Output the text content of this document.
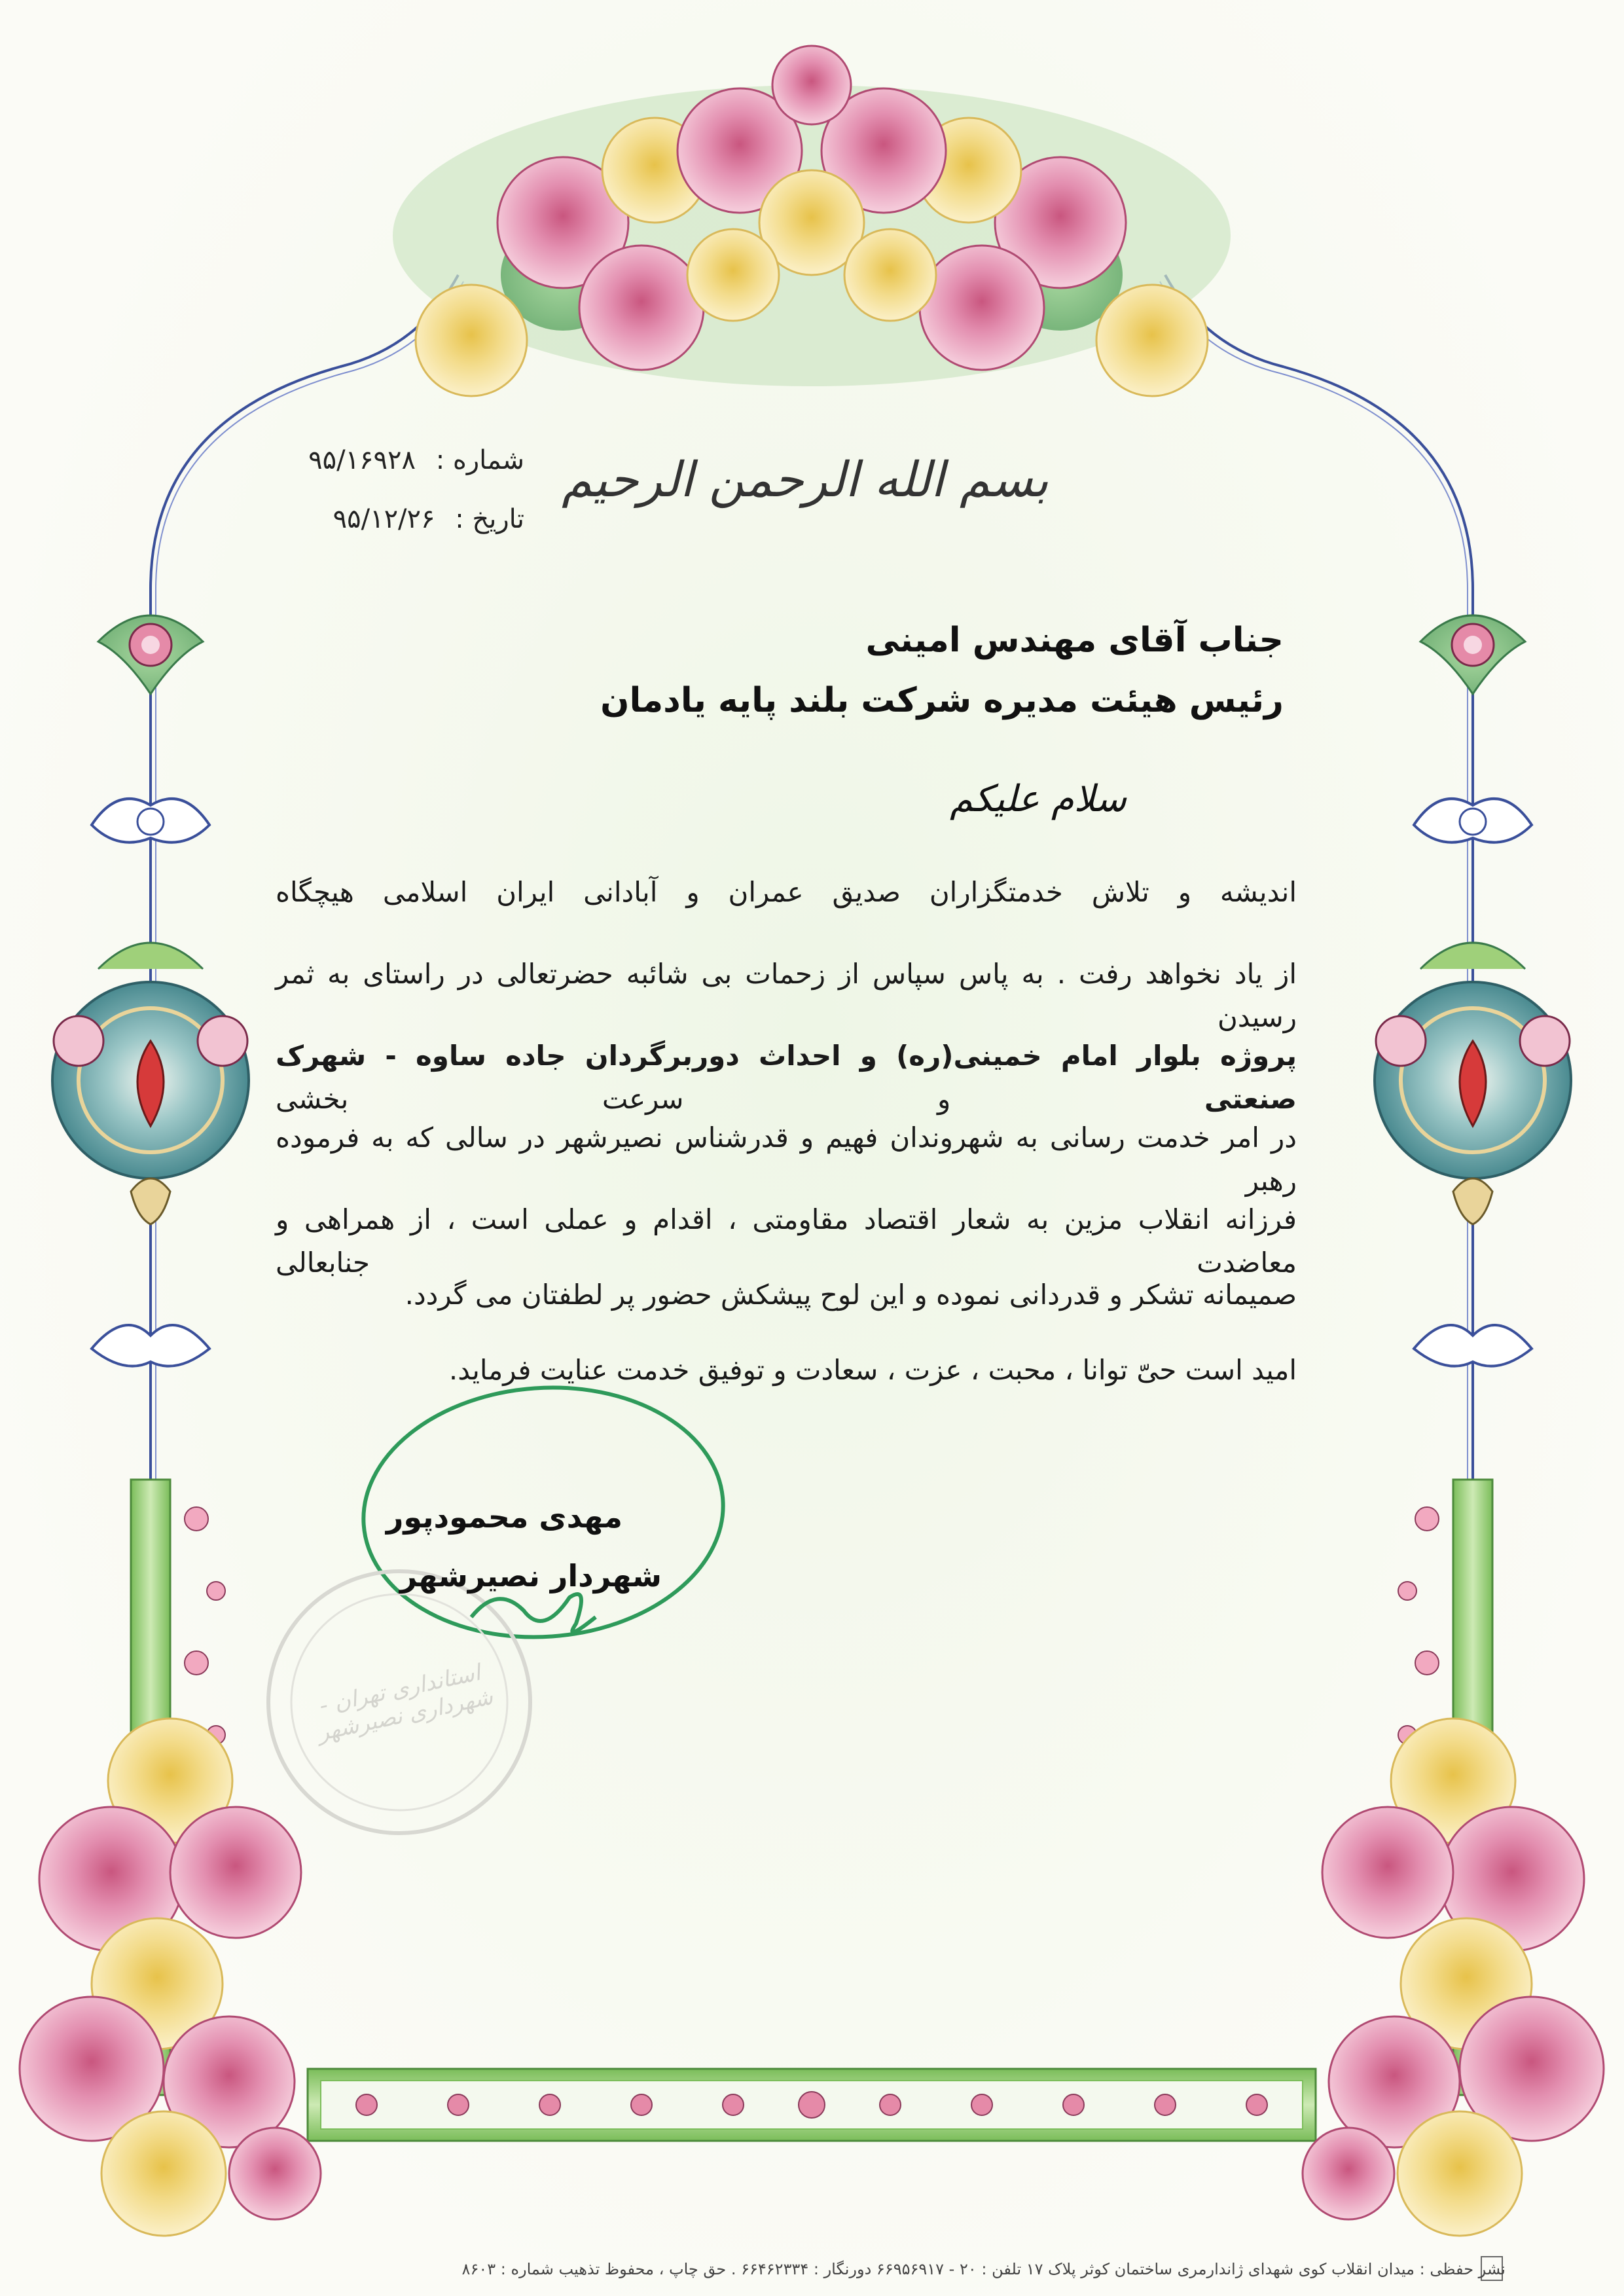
بسم الله الرحمن الرحیم
شماره : ۹۵/۱۶۹۲۸
تاریخ : ۹۵/۱۲/۲۶
جناب آقای مهندس امینی
رئیس هیئت مدیره شرکت بلند پایه یادمان
سلام علیکم
اندیشه و تلاش خدمتگزاران صدیق عمران و آبادانی ایران اسلامی هیچگاه
از یاد نخواهد رفت . به پاس سپاس از زحمات بی شائبه حضرتعالی در راستای به ثمر رسیدن
پروژه بلوار امام خمینی(ره) و احداث دوربرگردان جاده ساوه - شهرک صنعتی و سرعت بخشی
در امر خدمت رسانی به شهروندان فهیم و قدرشناس نصیرشهر در سالی که به فرموده رهبر
فرزانه انقلاب مزین به شعار اقتصاد مقاومتی ، اقدام و عملی است ، از همراهی و معاضدت جنابعالی
صمیمانه تشکر و قدردانی نموده و این لوح پیشکش حضور پر لطفتان می گردد.
امید است حیّ توانا ، محبت ، عزت ، سعادت و توفیق خدمت عنایت فرماید.
مهدی محمودپور
شهردار نصیرشهر
استانداری تهران - شهرداری نصیرشهر
نشر حفظی : میدان انقلاب کوی شهدای ژاندارمری ساختمان کوثر پلاک ۱۷ تلفن : ۲۰ - ۶۶۹۵۶۹۱۷ دورنگار : ۶۶۴۶۲۳۳۴ . حق چاپ ، محفوظ تذهیب شماره : ۸۶۰۳
